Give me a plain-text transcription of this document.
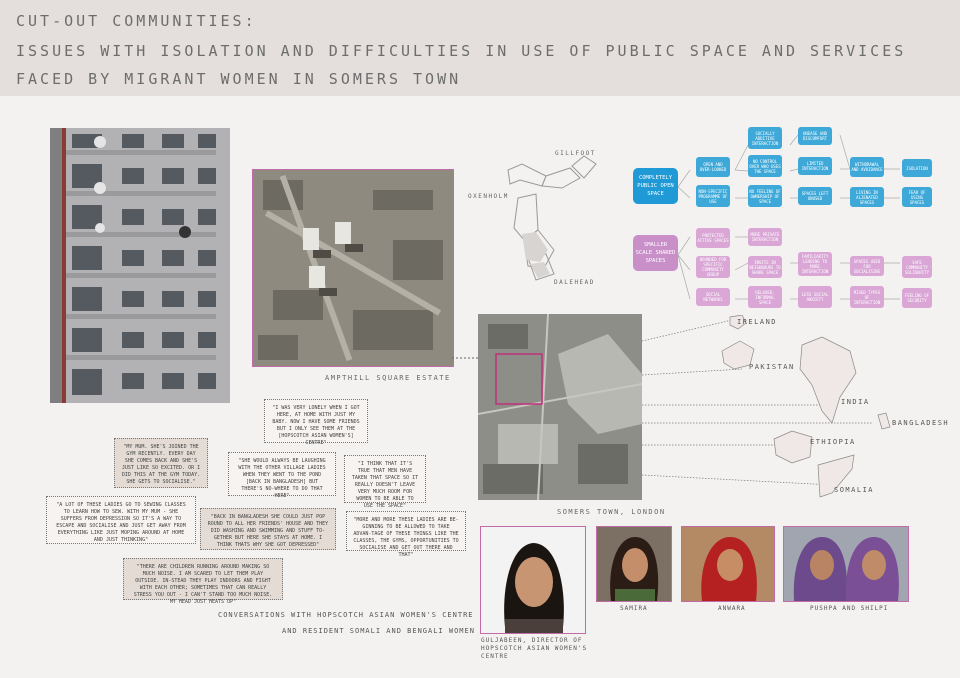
CUT-OUT COMMUNITIES:
ISSUES WITH ISOLATION AND DIFFICULTIES IN USE OF PUBLIC SPACE AND SERVICES
FACED BY MIGRANT WOMEN IN SOMERS TOWN
AMPTHILL SQUARE ESTATE
GILLFOOT
OXENHOLM
DALEHEAD
COMPLETELY PUBLIC OPEN SPACE
OPEN AND OVER-LOOKED
NON-SPECIFIC PROGRAMME OF USE
SOCIALLY ADDITIVE INTERACTION
NO CONTROL OVER WHO USES THE SPACE
NO FEELING OF OWNERSHIP OF SPACE
UNEASE AND DISCOMFORT
LIMITED INTERACTION
SPACES LEFT UNUSED
WITHDRAWAL AND AVOIDANCE
LIVING IN ALIENATED SPACES
ISOLATION
FEAR OF USING SPACES
SMALLER SCALE SHARED SPACES
PROTECTED ACTIVE SPACES
BOUNDED FOR SPECIFIC COMMUNITY GROUP
MORE PRIVATE INTERACTION
INVITE IN NEIGHBOURS TO SHARE SPACE
FAMILIARITY LEADING TO MORE INTERACTION
SPACES USED FOR SOCIALISING
SAFE COMMUNITY SOLIDARITY
RELAXED, INFORMAL SPACE
LESS SOCIAL ANXIETY
MIXED TYPES OF INTERACTION
FEELING OF SECURITY
SOCIAL NETWORKS
SOMERS TOWN, LONDON
IRELAND
PAKISTAN
INDIA
BANGLADESH
ETHIOPIA
SOMALIA
"I WAS VERY LONELY WHEN I GOT HERE, AT HOME WITH JUST MY BABY. NOW I HAVE SOME FRIENDS BUT I ONLY SEE THEM AT THE [HOPSCOTCH ASIAN WOMEN'S] CENTRE"
"MY MUM. SHE'S JOINED THE GYM RECENTLY. EVERY DAY SHE COMES BACK AND SHE'S JUST LIKE SO EXCITED. OR I DID THIS AT THE GYM TODAY. SHE GETS TO SOCIALISE."
"SHE WOULD ALWAYS BE LAUGHING WITH THE OTHER VILLAGE LADIES WHEN THEY WENT TO THE POND [BACK IN BANGLADESH] BUT THERE'S NO-WHERE TO DO THAT HERE"
"I THINK THAT IT'S TRUE THAT MEN HAVE TAKEN THAT SPACE SO IT REALLY DOESN'T LEAVE VERY MUCH ROOM FOR WOMEN TO BE ABLE TO USE THE SPACE"
"A LOT OF THESE LADIES GO TO SEWING CLASSES TO LEARN HOW TO SEW. WITH MY MUM - SHE SUFFERS FROM DEPRESSION SO IT'S A WAY TO ESCAPE AND SOCIALISE AND JUST GET AWAY FROM EVERYTHING LIKE JUST MOPING AROUND AT HOME AND JUST THINKING"
"BACK IN BANGLADESH SHE COULD JUST POP ROUND TO ALL HER FRIENDS' HOUSE AND THEY DID WASHING AND SWIMMING AND STUFF TO-GETHER BUT HERE SHE STAYS AT HOME. I THINK THATS WHY SHE GOT DEPRESSED"
"MORE AND MORE THESE LADIES ARE BE-GINNING TO BE ALLOWED TO TAKE ADVAN-TAGE OF THESE THINGS LIKE THE CLASSES, THE GYMS, OPPORTUNITIES TO SOCIALISE AND GET OUT THERE AND THAT"
"THERE ARE CHILDREN RUNNING AROUND MAKING SO MUCH NOISE. I AM SCARED TO LET THEM PLAY OUTSIDE. IN-STEAD THEY PLAY INDOORS AND FIGHT WITH EACH OTHER; SOMETIMES THAT CAN REALLY STRESS YOU OUT - I CAN'T STAND TOO MUCH NOISE. MY HEAD JUST HEATS UP"
CONVERSATIONS WITH HOPSCOTCH ASIAN WOMEN'S CENTRE
AND RESIDENT SOMALI AND BENGALI WOMEN
GULJABEEN, DIRECTOR OF HOPSCOTCH ASIAN WOMEN'S CENTRE
SAMIRA	ANWARA	PUSHPA AND SHILPI
